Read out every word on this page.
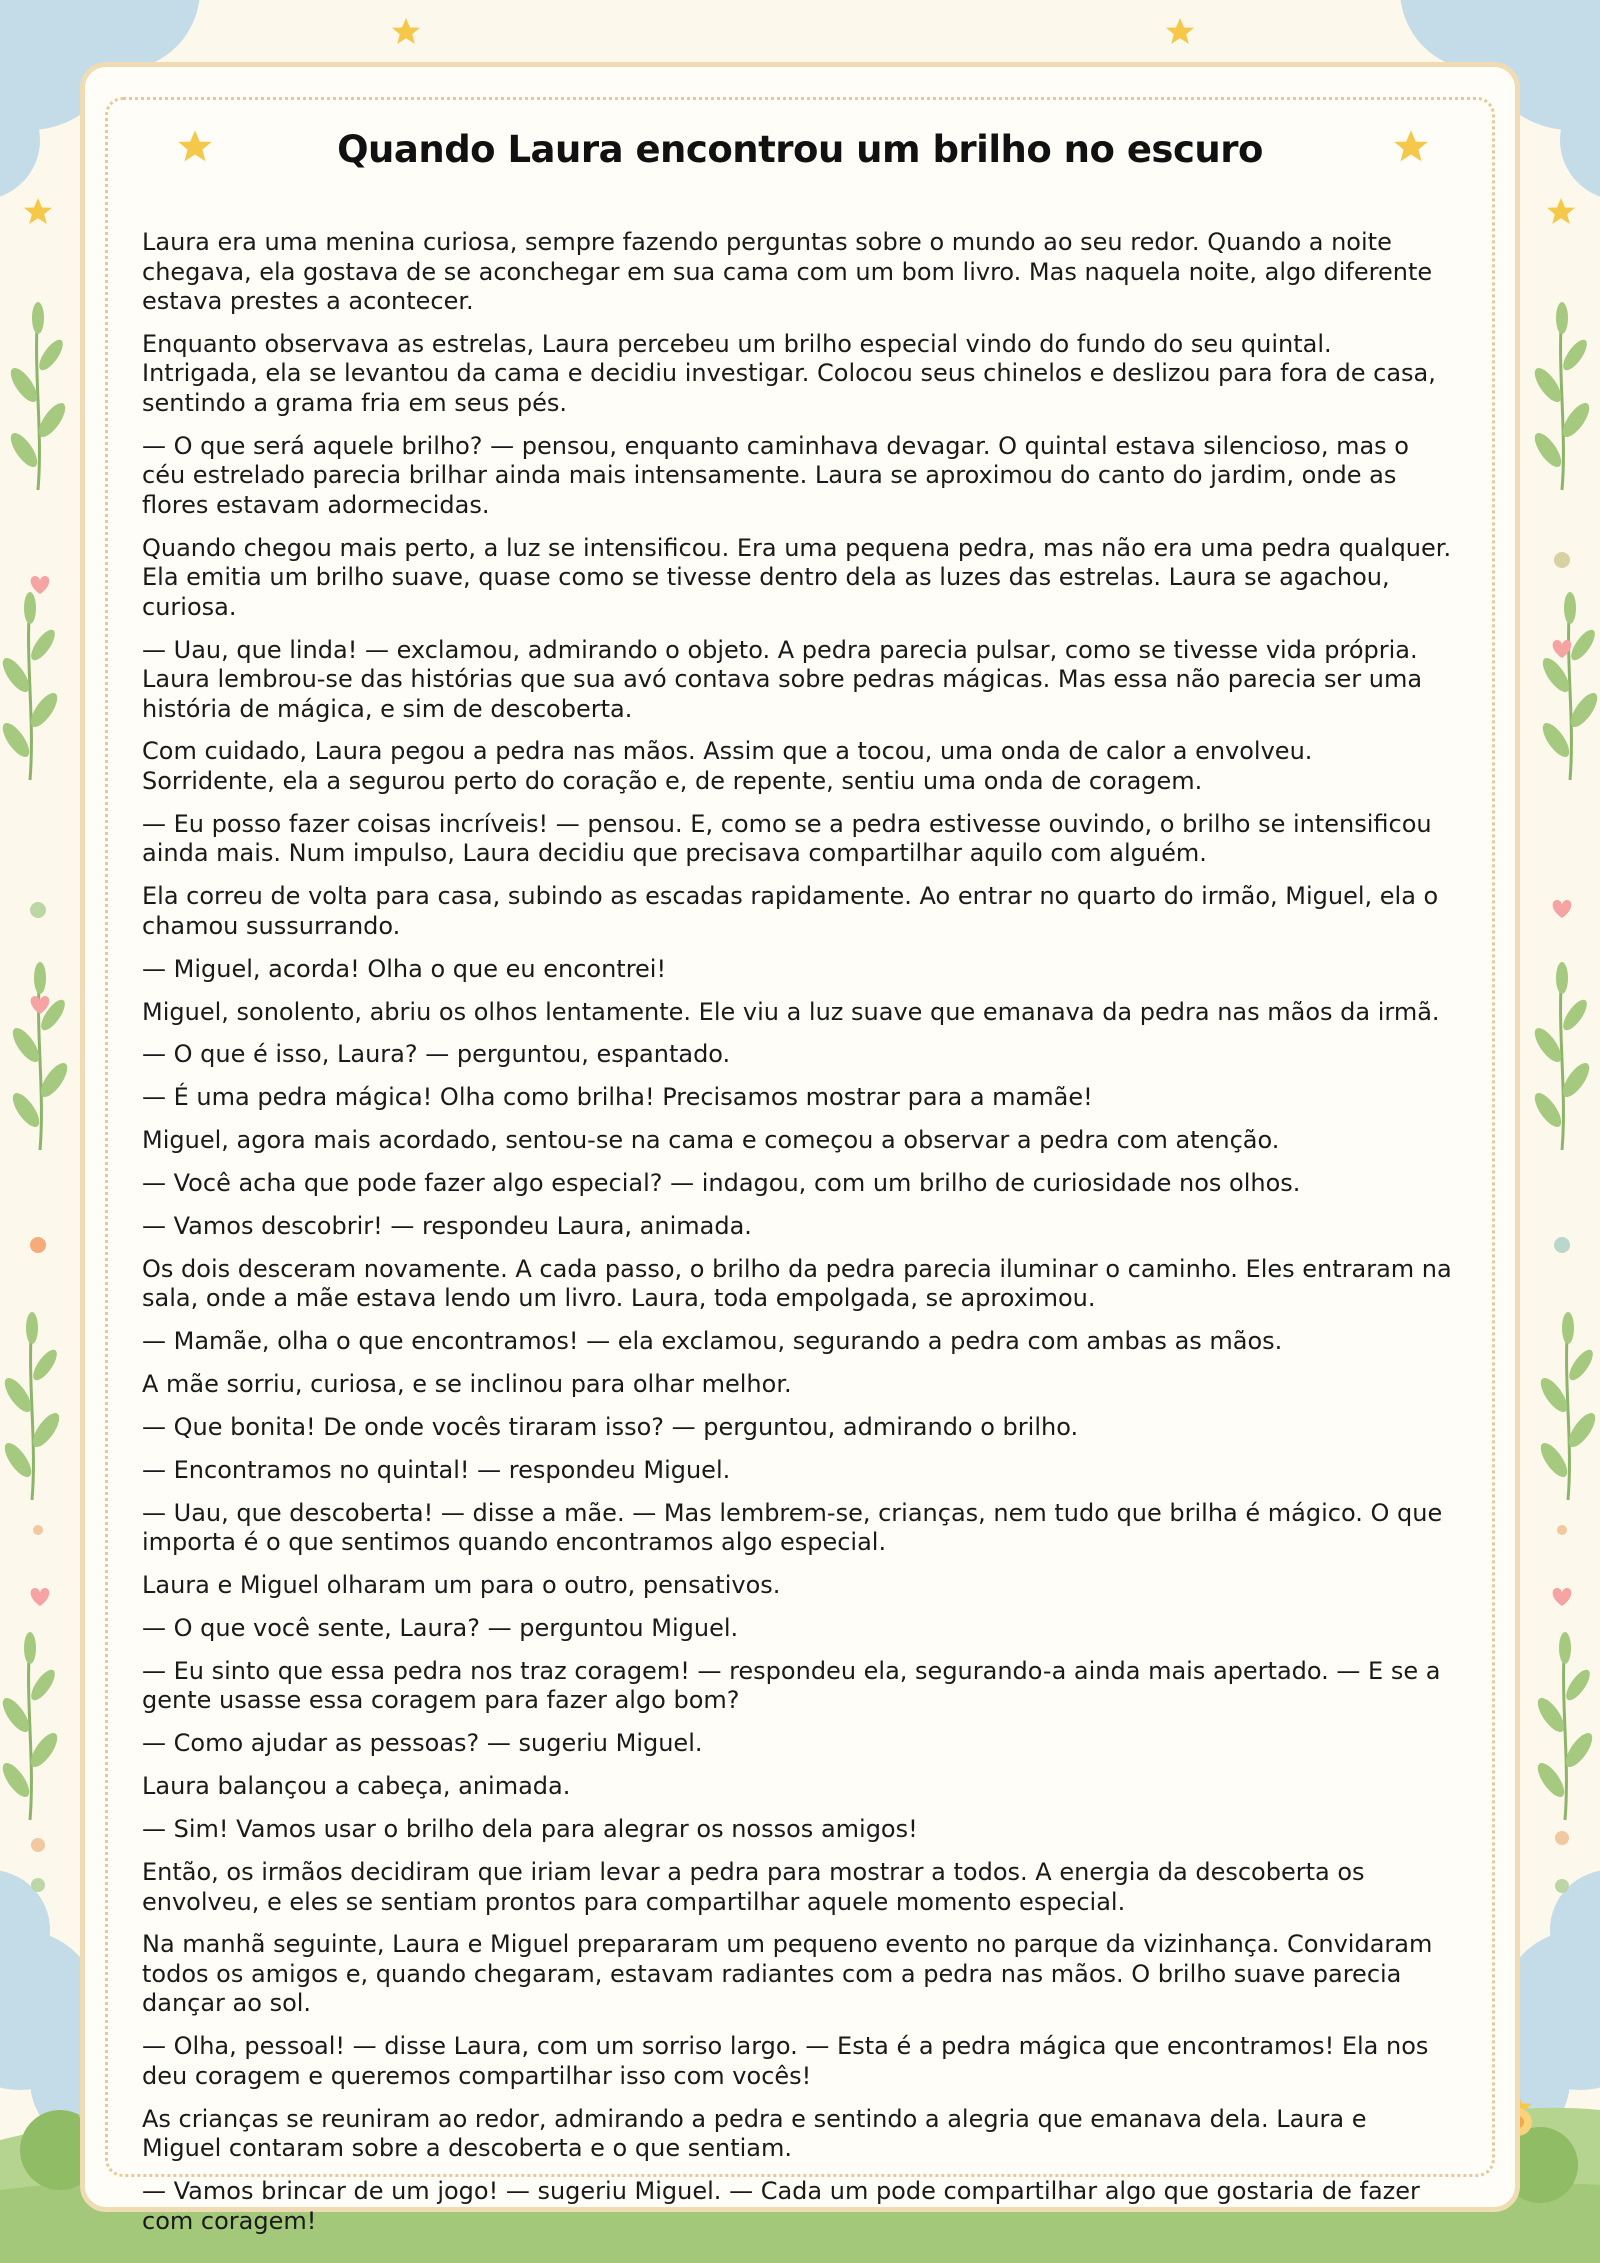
Quando Laura encontrou um brilho no escuro

Laura era uma menina curiosa, sempre fazendo perguntas sobre o mundo ao seu redor. Quando a noite chegava, ela gostava de se aconchegar em sua cama com um bom livro. Mas naquela noite, algo diferente estava prestes a acontecer.

Enquanto observava as estrelas, Laura percebeu um brilho especial vindo do fundo do seu quintal. Intrigada, ela se levantou da cama e decidiu investigar. Colocou seus chinelos e deslizou para fora de casa, sentindo a grama fria em seus pés.

— O que será aquele brilho? — pensou, enquanto caminhava devagar. O quintal estava silencioso, mas o céu estrelado parecia brilhar ainda mais intensamente. Laura se aproximou do canto do jardim, onde as flores estavam adormecidas.

Quando chegou mais perto, a luz se intensificou. Era uma pequena pedra, mas não era uma pedra qualquer. Ela emitia um brilho suave, quase como se tivesse dentro dela as luzes das estrelas. Laura se agachou, curiosa.

— Uau, que linda! — exclamou, admirando o objeto. A pedra parecia pulsar, como se tivesse vida própria. Laura lembrou-se das histórias que sua avó contava sobre pedras mágicas. Mas essa não parecia ser uma história de mágica, e sim de descoberta.

Com cuidado, Laura pegou a pedra nas mãos. Assim que a tocou, uma onda de calor a envolveu. Sorridente, ela a segurou perto do coração e, de repente, sentiu uma onda de coragem.

— Eu posso fazer coisas incríveis! — pensou. E, como se a pedra estivesse ouvindo, o brilho se intensificou ainda mais. Num impulso, Laura decidiu que precisava compartilhar aquilo com alguém.

Ela correu de volta para casa, subindo as escadas rapidamente. Ao entrar no quarto do irmão, Miguel, ela o chamou sussurrando.

— Miguel, acorda! Olha o que eu encontrei!

Miguel, sonolento, abriu os olhos lentamente. Ele viu a luz suave que emanava da pedra nas mãos da irmã.

— O que é isso, Laura? — perguntou, espantado.

— É uma pedra mágica! Olha como brilha! Precisamos mostrar para a mamãe!

Miguel, agora mais acordado, sentou-se na cama e começou a observar a pedra com atenção.

— Você acha que pode fazer algo especial? — indagou, com um brilho de curiosidade nos olhos.

— Vamos descobrir! — respondeu Laura, animada.

Os dois desceram novamente. A cada passo, o brilho da pedra parecia iluminar o caminho. Eles entraram na sala, onde a mãe estava lendo um livro. Laura, toda empolgada, se aproximou.

— Mamãe, olha o que encontramos! — ela exclamou, segurando a pedra com ambas as mãos.

A mãe sorriu, curiosa, e se inclinou para olhar melhor.

— Que bonita! De onde vocês tiraram isso? — perguntou, admirando o brilho.

— Encontramos no quintal! — respondeu Miguel.

— Uau, que descoberta! — disse a mãe. — Mas lembrem-se, crianças, nem tudo que brilha é mágico. O que importa é o que sentimos quando encontramos algo especial.

Laura e Miguel olharam um para o outro, pensativos.

— O que você sente, Laura? — perguntou Miguel.

— Eu sinto que essa pedra nos traz coragem! — respondeu ela, segurando-a ainda mais apertado. — E se a gente usasse essa coragem para fazer algo bom?

— Como ajudar as pessoas? — sugeriu Miguel.

Laura balançou a cabeça, animada.

— Sim! Vamos usar o brilho dela para alegrar os nossos amigos!

Então, os irmãos decidiram que iriam levar a pedra para mostrar a todos. A energia da descoberta os envolveu, e eles se sentiam prontos para compartilhar aquele momento especial.

Na manhã seguinte, Laura e Miguel prepararam um pequeno evento no parque da vizinhança. Convidaram todos os amigos e, quando chegaram, estavam radiantes com a pedra nas mãos. O brilho suave parecia dançar ao sol.

— Olha, pessoal! — disse Laura, com um sorriso largo. — Esta é a pedra mágica que encontramos! Ela nos deu coragem e queremos compartilhar isso com vocês!

As crianças se reuniram ao redor, admirando a pedra e sentindo a alegria que emanava dela. Laura e Miguel contaram sobre a descoberta e o que sentiam.

— Vamos brincar de um jogo! — sugeriu Miguel. — Cada um pode compartilhar algo que gostaria de fazer com coragem!
